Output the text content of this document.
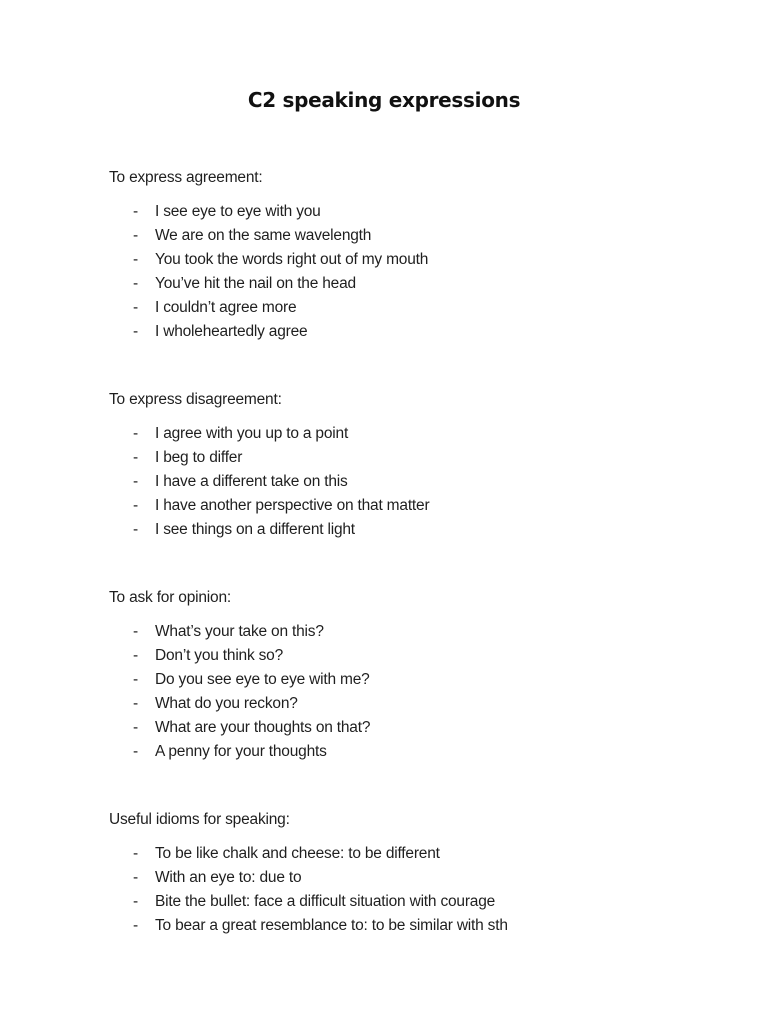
C2 speaking expressions

To express agreement:

- I see eye to eye with you
- We are on the same wavelength
- You took the words right out of my mouth
- You’ve hit the nail on the head
- I couldn’t agree more
- I wholeheartedly agree

To express disagreement:

- I agree with you up to a point
- I beg to differ
- I have a different take on this
- I have another perspective on that matter
- I see things on a different light

To ask for opinion:

- What’s your take on this?
- Don’t you think so?
- Do you see eye to eye with me?
- What do you reckon?
- What are your thoughts on that?
- A penny for your thoughts

Useful idioms for speaking:

- To be like chalk and cheese: to be different
- With an eye to: due to
- Bite the bullet: face a difficult situation with courage
- To bear a great resemblance to: to be similar with sth
